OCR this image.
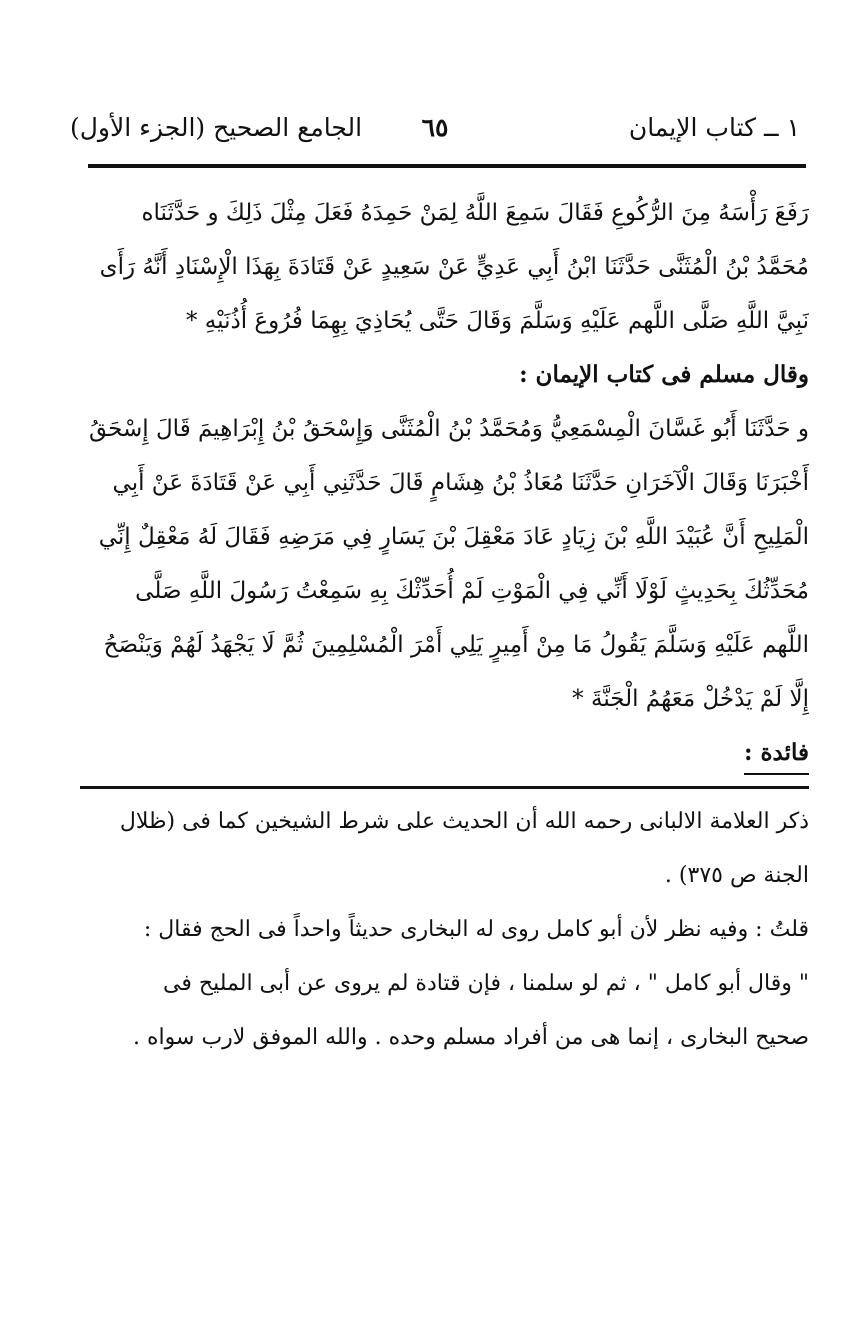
١ ــ كتاب الإيمان
٦٥
الجامع الصحيح (الجزء الأول)
رَفَعَ رَأْسَهُ مِنَ الرُّكُوعِ فَقَالَ سَمِعَ اللَّهُ لِمَنْ حَمِدَهُ فَعَلَ مِثْلَ ذَلِكَ و حَدَّثَنَاه
مُحَمَّدُ بْنُ الْمُثَنَّى حَدَّثَنَا ابْنُ أَبِي عَدِيٍّ عَنْ سَعِيدٍ عَنْ قَتَادَةَ بِهَذَا الْإِسْنَادِ أَنَّهُ رَأَى
نَبِيَّ اللَّهِ صَلَّى اللَّهم عَلَيْهِ وَسَلَّمَ وَقَالَ حَتَّى يُحَاذِيَ بِهِمَا فُرُوعَ أُذُنَيْهِ *
وقال مسلم فى كتاب الإيمان :
و حَدَّثَنَا أَبُو غَسَّانَ الْمِسْمَعِيُّ وَمُحَمَّدُ بْنُ الْمُثَنَّى وَإِسْحَقُ بْنُ إِبْرَاهِيمَ قَالَ إِسْحَقُ
أَخْبَرَنَا وَقَالَ الْآخَرَانِ حَدَّثَنَا مُعَاذُ بْنُ هِشَامٍ قَالَ حَدَّثَنِي أَبِي عَنْ قَتَادَةَ عَنْ أَبِي
الْمَلِيحِ أَنَّ عُبَيْدَ اللَّهِ بْنَ زِيَادٍ عَادَ مَعْقِلَ بْنَ يَسَارٍ فِي مَرَضِهِ فَقَالَ لَهُ مَعْقِلٌ إِنِّي
مُحَدِّثُكَ بِحَدِيثٍ لَوْلَا أَنِّي فِي الْمَوْتِ لَمْ أُحَدِّثْكَ بِهِ سَمِعْتُ رَسُولَ اللَّهِ صَلَّى
اللَّهم عَلَيْهِ وَسَلَّمَ يَقُولُ مَا مِنْ أَمِيرٍ يَلِي أَمْرَ الْمُسْلِمِينَ ثُمَّ لَا يَجْهَدُ لَهُمْ وَيَنْصَحُ
إِلَّا لَمْ يَدْخُلْ مَعَهُمُ الْجَنَّةَ *
فائدة :
ذكر العلامة الالبانى رحمه الله أن الحديث على شرط الشيخين كما فى (ظلال
الجنة ص ٣٧٥) .
قلتُ : وفيه نظر لأن أبو كامل روى له البخارى حديثاً واحداً فى الحج فقال :
" وقال أبو كامل " ، ثم لو سلمنا ، فإن قتادة لم يروى عن أبى المليح فى
صحيح البخارى ، إنما هى من أفراد مسلم وحده . والله الموفق لارب سواه .
